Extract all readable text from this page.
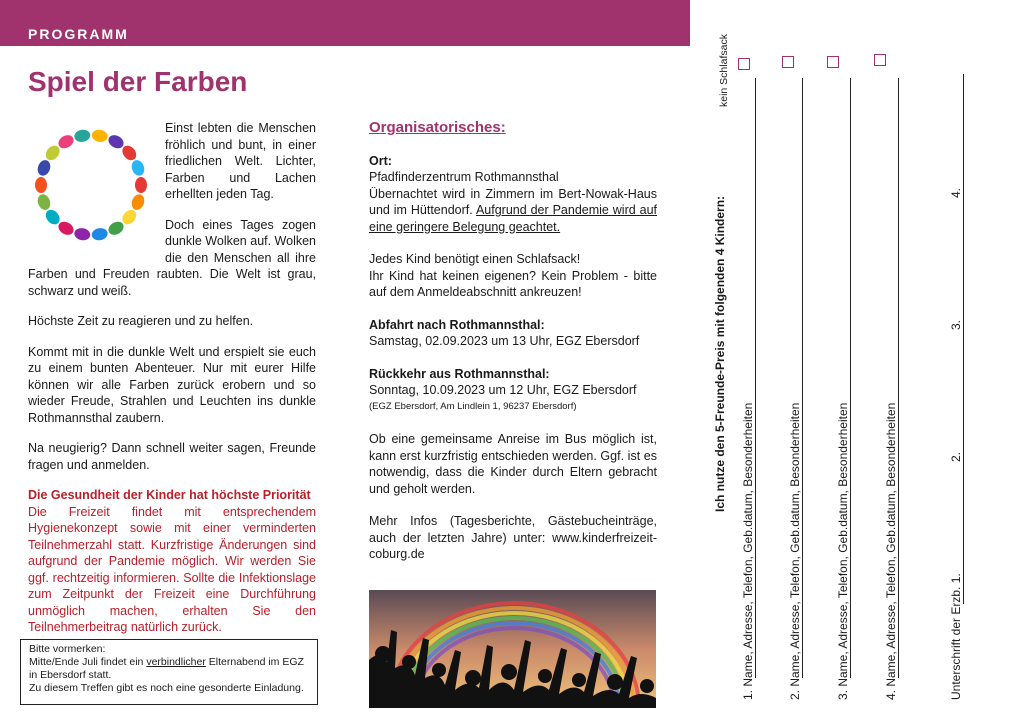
PROGRAMM
Spiel der Farben

Einst lebten die Menschen fröhlich und bunt, in einer friedlichen Welt. Lichter, Farben und Lachen erhellten jeden Tag.

Doch eines Tages zogen dunkle Wolken auf. Wolken die den Menschen all ihre Farben und Freuden raubten. Die Welt ist grau, schwarz und weiß.

Höchste Zeit zu reagieren und zu helfen.

Kommt mit in die dunkle Welt und erspielt sie euch zu einem bunten Abenteuer. Nur mit eurer Hilfe können wir alle Farben zurück erobern und so wieder Freude, Strahlen und Leuchten ins dunkle Rothmannsthal zaubern.

Na neugierig? Dann schnell weiter sagen, Freunde fragen und anmelden.

Die Gesundheit der Kinder hat höchste Priorität
Die Freizeit findet mit entsprechendem Hygienekonzept sowie mit einer verminderten Teilnehmerzahl statt. Kurzfristige Änderungen sind aufgrund der Pandemie möglich. Wir werden Sie ggf. rechtzeitig informieren. Sollte die Infektionslage zum Zeitpunkt der Freizeit eine Durchführung unmöglich machen, erhalten Sie den Teilnehmerbeitrag natürlich zurück.
Bitte vormerken:
Mitte/Ende Juli findet ein verbindlicher Elternabend im EGZ in Ebersdorf statt.
Zu diesem Treffen gibt es noch eine gesonderte Einladung.
Organisatorisches:
Ort:
Pfadfinderzentrum Rothmannsthal
Übernachtet wird in Zimmern im Bert-Nowak-Haus und im Hüttendorf. Aufgrund der Pandemie wird auf eine geringere Belegung geachtet.
Jedes Kind benötigt einen Schlafsack!
Ihr Kind hat keinen eigenen? Kein Problem - bitte auf dem Anmeldeabschnitt ankreuzen!
Abfahrt nach Rothmannsthal:
Samstag, 02.09.2023 um 13 Uhr, EGZ Ebersdorf
Rückkehr aus Rothmannsthal:
Sonntag, 10.09.2023 um 12 Uhr, EGZ Ebersdorf
(EGZ Ebersdorf, Am Lindlein 1, 96237 Ebersdorf)
Ob eine gemeinsame Anreise im Bus möglich ist, kann erst kurzfristig entschieden werden. Ggf. ist es notwendig, dass die Kinder durch Eltern gebracht und geholt werden.
Mehr Infos (Tagesberichte, Gästebucheinträge, auch der letzten Jahre) unter: www.kinderfreizeit-coburg.de
kein Schlafsack
Ich nutze den 5-Freunde-Preis mit folgenden 4 Kindern:
1. Name, Adresse, Telefon, Geb.datum, Besonderheiten	2. Name, Adresse, Telefon, Geb.datum, Besonderheiten	3. Name, Adresse, Telefon, Geb.datum, Besonderheiten	4. Name, Adresse, Telefon, Geb.datum, Besonderheiten	Unterschrift der Erzb. 1.
2.
3.
4.
